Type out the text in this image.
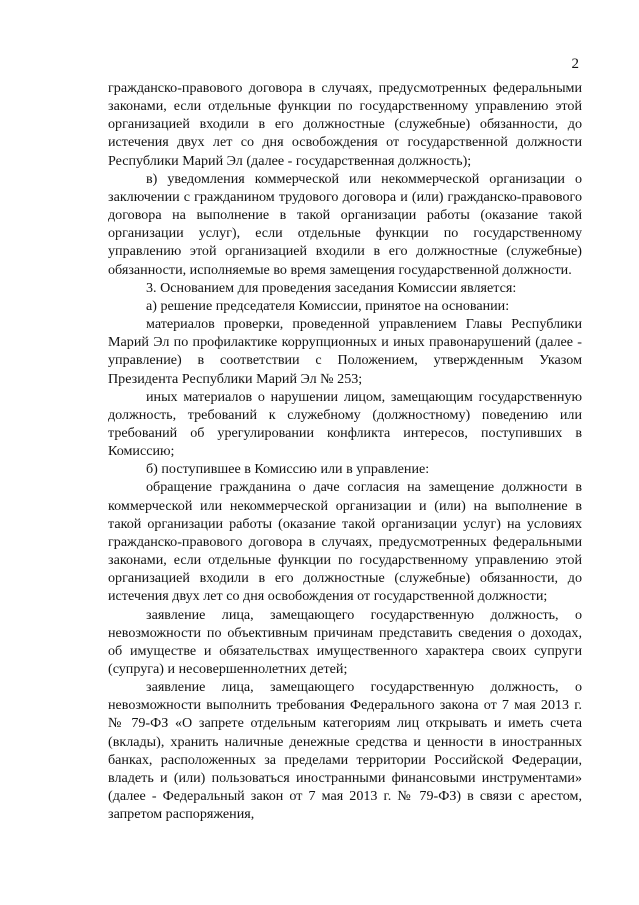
2

гражданско-правового договора в случаях, предусмотренных федеральными законами, если отдельные функции по государственному управлению этой организацией входили в его должностные (служебные) обязанности, до истечения двух лет со дня освобождения от государственной должности Республики Марий Эл (далее - государственная должность);

в) уведомления коммерческой или некоммерческой организации о заключении с гражданином трудового договора и (или) гражданско-правового договора на выполнение в такой организации работы (оказание такой организации услуг), если отдельные функции по государственному управлению этой организацией входили в его должностные (служебные) обязанности, исполняемые во время замещения государственной должности.

3. Основанием для проведения заседания Комиссии является:

а) решение председателя Комиссии, принятое на основании:

материалов проверки, проведенной управлением Главы Республики Марий Эл по профилактике коррупционных и иных правонарушений (далее - управление) в соответствии с Положением, утвержденным Указом Президента Республики Марий Эл № 253;

иных материалов о нарушении лицом, замещающим государственную должность, требований к служебному (должностному) поведению или требований об урегулировании конфликта интересов, поступивших в Комиссию;

б) поступившее в Комиссию или в управление:

обращение гражданина о даче согласия на замещение должности в коммерческой или некоммерческой организации и (или) на выполнение в такой организации работы (оказание такой организации услуг) на условиях гражданско-правового договора в случаях, предусмотренных федеральными законами, если отдельные функции по государственному управлению этой организацией входили в его должностные (служебные) обязанности, до истечения двух лет со дня освобождения от государственной должности;

заявление лица, замещающего государственную должность, о невозможности по объективным причинам представить сведения о доходах, об имуществе и обязательствах имущественного характера своих супруги (супруга) и несовершеннолетних детей;

заявление лица, замещающего государственную должность, о невозможности выполнить требования Федерального закона от 7 мая 2013 г. № 79-ФЗ «О запрете отдельным категориям лиц открывать и иметь счета (вклады), хранить наличные денежные средства и ценности в иностранных банках, расположенных за пределами территории Российской Федерации, владеть и (или) пользоваться иностранными финансовыми инструментами» (далее - Федеральный закон от 7 мая 2013 г. № 79-ФЗ) в связи с арестом, запретом распоряжения,
